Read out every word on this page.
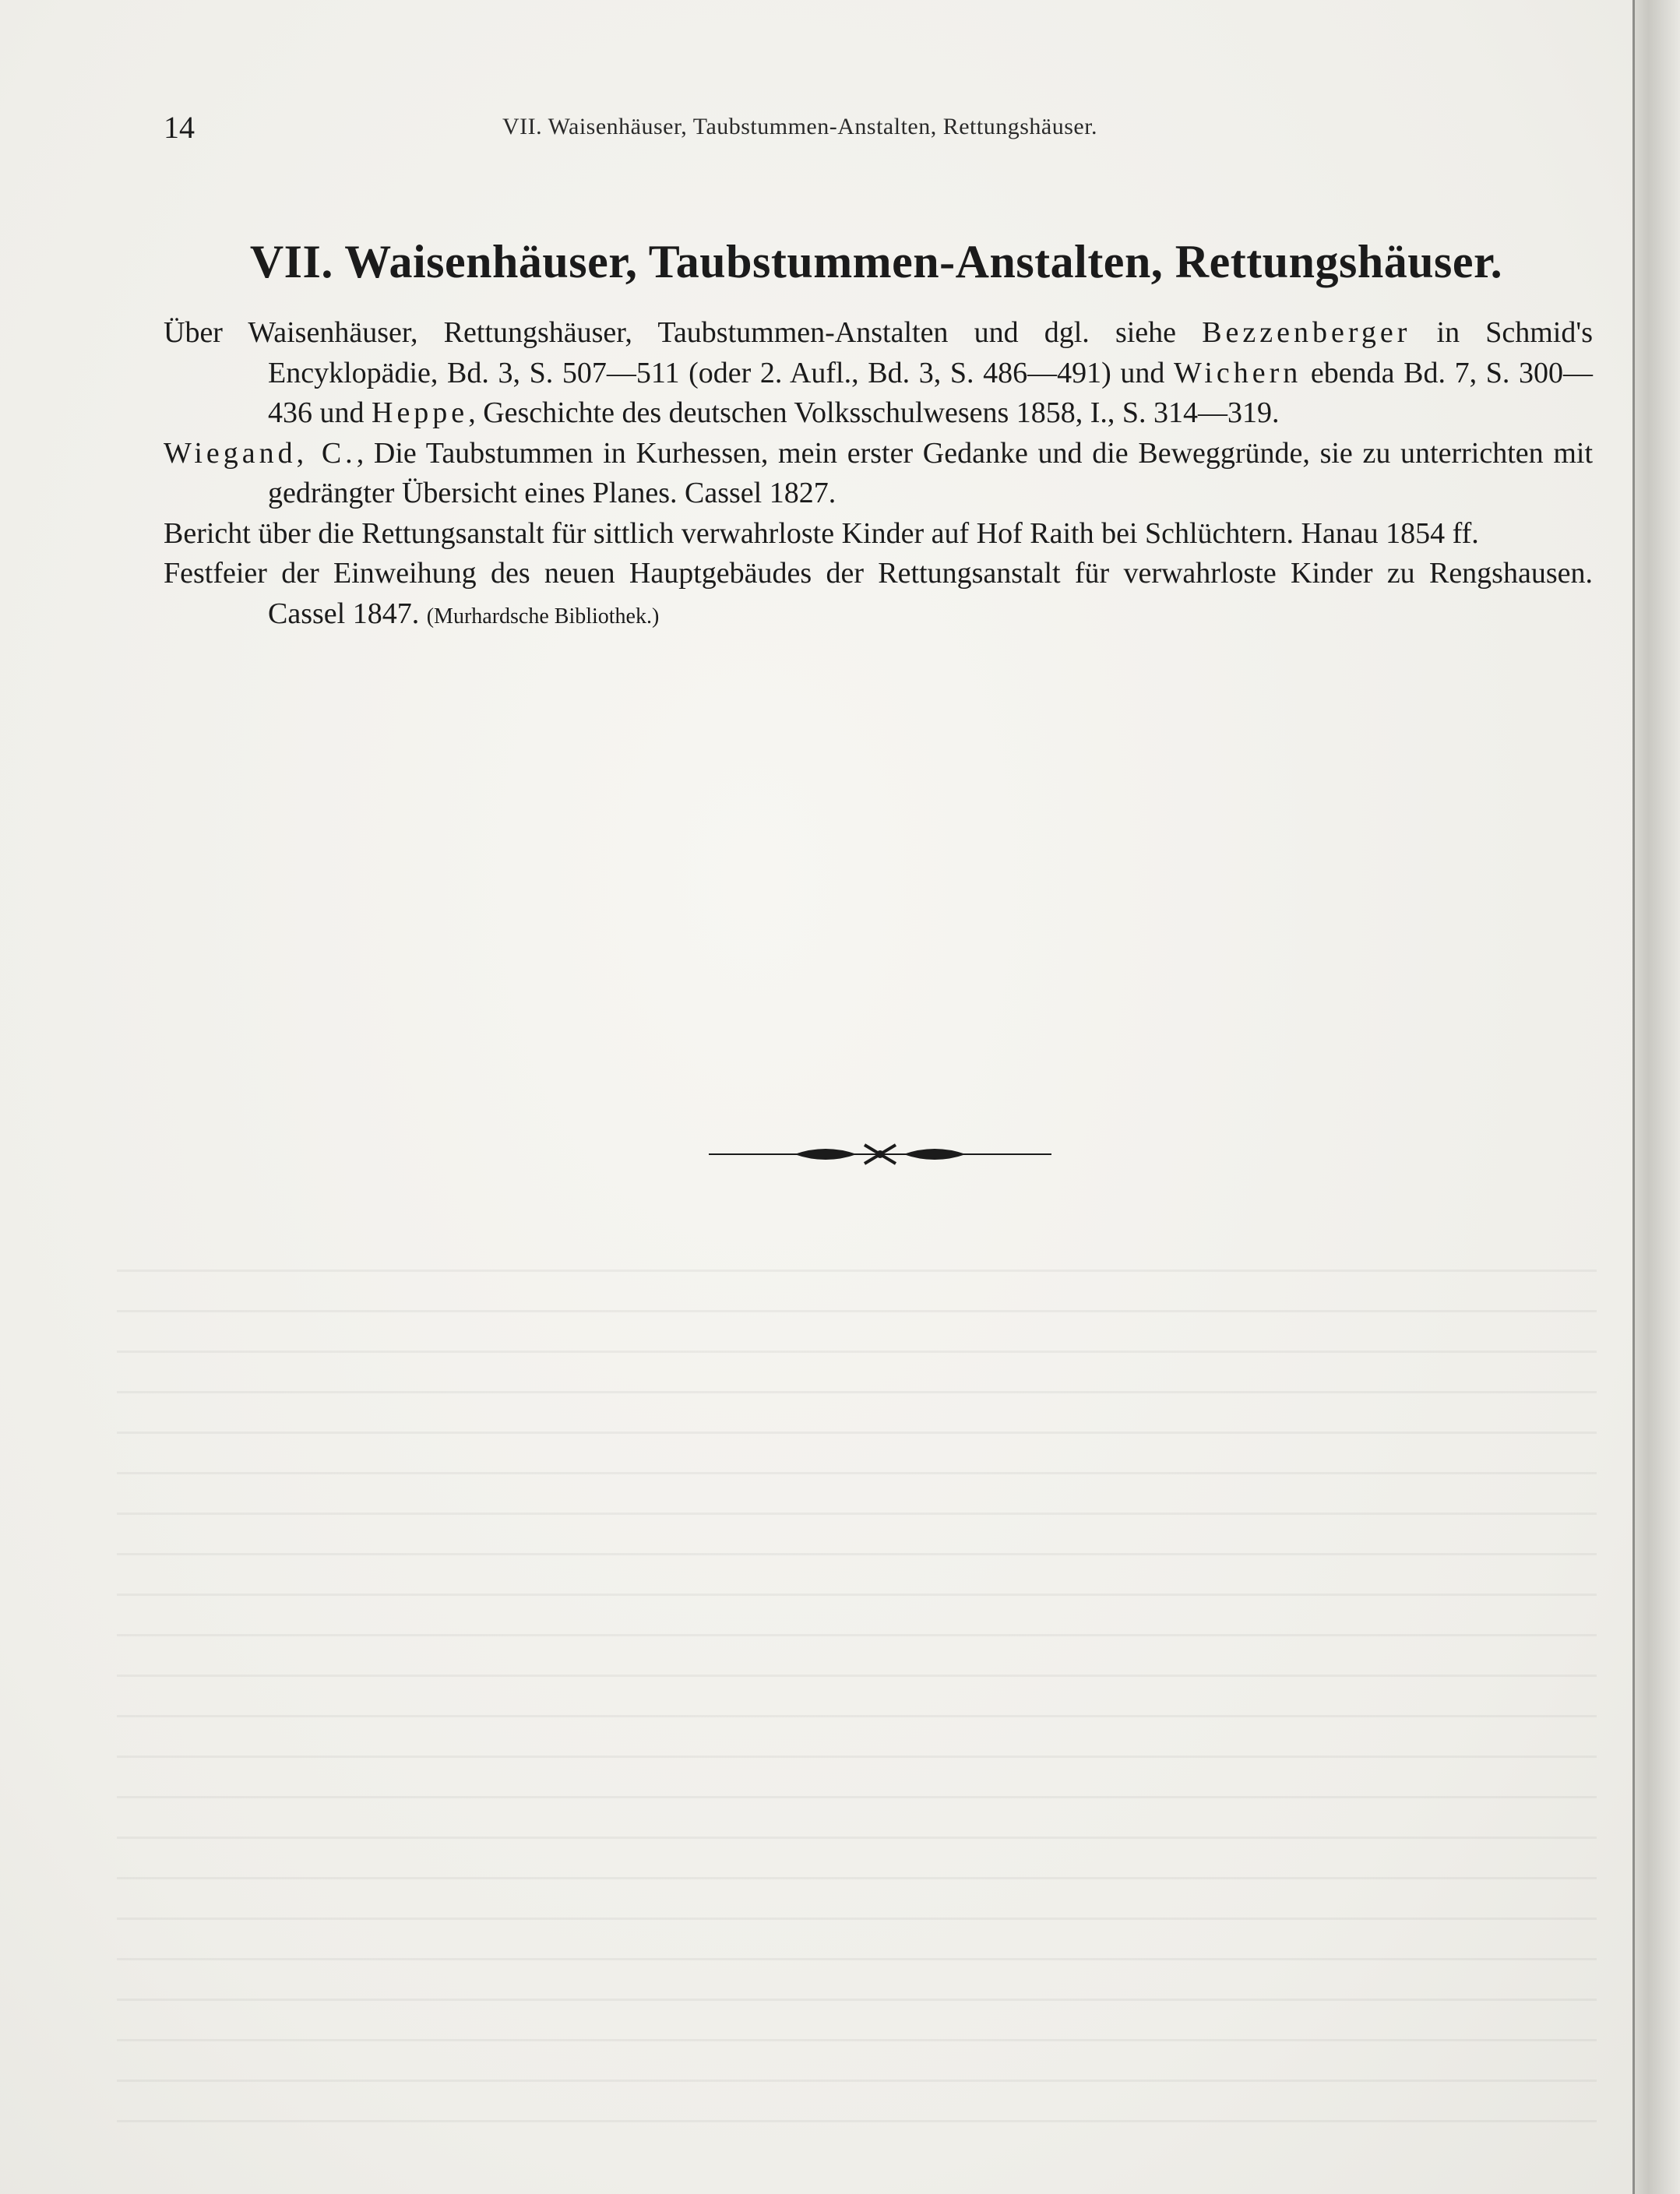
14	VII. Waisenhäuser, Taubstummen-Anstalten, Rettungshäuser.
VII. Waisenhäuser, Taubstummen-Anstalten, Rettungshäuser.

Über Waisenhäuser, Rettungshäuser, Taubstummen-Anstalten und dgl. siehe Bezzenberger in Schmid's Encyklopädie, Bd. 3, S. 507—511 (oder 2. Aufl., Bd. 3, S. 486—491) und Wichern ebenda Bd. 7, S. 300—436 und Heppe, Geschichte des deutschen Volksschulwesens 1858, I., S. 314—319.

Wiegand, C., Die Taubstummen in Kurhessen, mein erster Gedanke und die Beweggründe, sie zu unterrichten mit gedrängter Übersicht eines Planes. Cassel 1827.

Bericht über die Rettungsanstalt für sittlich verwahrloste Kinder auf Hof Raith bei Schlüchtern. Hanau 1854 ff.

Festfeier der Einweihung des neuen Hauptgebäudes der Rettungsanstalt für verwahrloste Kinder zu Rengshausen. Cassel 1847. (Murhardsche Bibliothek.)
